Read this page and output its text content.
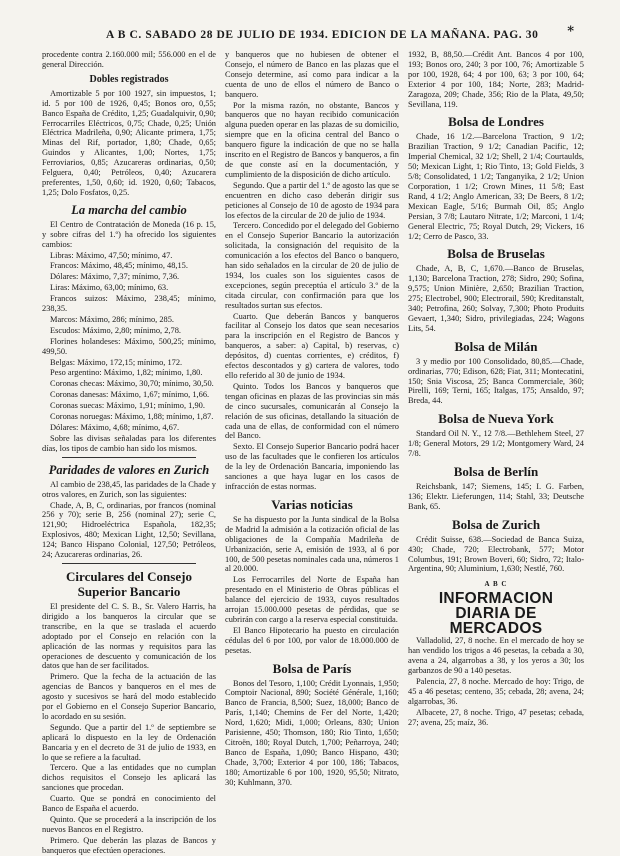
A B C. SABADO 28 DE JULIO DE 1934. EDICION DE LA MAÑANA. PAG. 30 *
procedente contra 2.160.000 mil; 556.000 en el de general Dirección.
Dobles registrados
Amortizable 5 por 100 1927, sin impuestos, 1; id. 5 por 100 de 1926, 0,45; Bonos oro, 0,55; Banco España de Crédito, 1,25; Guadalquivir, 0,90; Ferrocarriles Eléctricos, 0,75; Chade, 0,25; Unión Eléctrica Madrileña, 0,90; Alicante primera, 1,75; Minas del Rif, portador, 1,80; Chade, 0,65; Guindos y Alicantes, 1,00; Nortes, 1,75; Ferroviarios, 0,85; Azucareras ordinarias, 0,50; Felguera, 0,40; Petróleos, 0,40; Azucarera preferentes, 1,50, 0,60; id. 1920, 0,60; Tabacos, 1,25; Dolo Fosfatos, 0,25.
La marcha del cambio
El Centro de Contratación de Moneda (16 p. 15, y sobre cifras del 1.º) ha ofrecido los siguientes cambios:
Libras: Máximo, 47,50; mínimo, 47.
Francos: Máximo, 48,45; mínimo, 48,15.
Dólares: Máximo, 7,37; mínimo, 7,36.
Liras: Máximo, 63,00; mínimo, 63.
Francos suizos: Máximo, 238,45; mínimo, 238,35.
Marcos: Máximo, 286; mínimo, 285.
Escudos: Máximo, 2,80; mínimo, 2,78.
Florines holandeses: Máximo, 500,25; mínimo, 499,50.
Belgas: Máximo, 172,15; mínimo, 172.
Peso argentino: Máximo, 1,82; mínimo, 1,80.
Coronas checas: Máximo, 30,70; mínimo, 30,50.
Coronas danesas: Máximo, 1,67; mínimo, 1,66.
Coronas suecas: Máximo, 1,91; mínimo, 1,90.
Coronas noruegas: Máximo, 1,88; mínimo, 1,87.
Dólares: Máximo, 4,68; mínimo, 4,67.
Sobre las divisas señaladas para los diferentes días, los tipos de cambio han sido los mismos.
Paridades de valores en Zurich
Al cambio de 238,45, las paridades de la Chade y otros valores, en Zurich, son las siguientes:
Chade, A, B, C, ordinarias, por francos (nominal 256 y 70); serie B, 256 (nominal 27); serie C, 121,90; Hidroeléctrica Española, 182,35; Explosivos, 480; Mexican Light, 12,50; Sevillana, 124; Banco Hispano Colonial, 127,50; Petróleos, 24; Azucareras ordinarias, 26.
Circulares del Consejo Superior Bancario
El presidente del C. S. B., Sr. Valero Harris, ha dirigido a los banqueros la circular que se transcribe, en la que se traslada el acuerdo adoptado por el Consejo en relación con la aplicación de las normas y requisitos para las operaciones de descuento y comunicación de los datos que han de ser facilitados.
Primero. Que la fecha de la actuación de las agencias de Bancos y banqueros en el mes de agosto y sucesivos se hará del modo establecido por el Gobierno en el Consejo Superior Bancario, lo acordado en su sesión.
Segundo. Que a partir del 1.º de septiembre se aplicará lo dispuesto en la ley de Ordenación Bancaria y en el decreto de 31 de julio de 1933, en lo que se refiere a la facultad.
Tercero. Que a las entidades que no cumplan dichos requisitos el Consejo les aplicará las sanciones que procedan.
Cuarto. Que se pondrá en conocimiento del Banco de España el acuerdo.
Quinto. Que se procederá a la inscripción de los nuevos Bancos en el Registro.
Primero. Que deberán las plazas de Bancos y banqueros que efectúen operaciones.
y banqueros que no hubiesen de obtener el Consejo, el número de Banco en las plazas que el Consejo determine, así como para indicar a la cuenta de uno de ellos el número de Banco o banquero.
Por la misma razón, no obstante, Bancos y banqueros que no hayan recibido comunicación alguna pueden operar en las plazas de su domicilio, siempre que en la oficina central del Banco o banquero figure la indicación de que no se halla inscrito en el Registro de Bancos y banqueros, a fin de que conste así en la documentación, y cumplimiento de la disposición de dicho artículo.
Segundo. Que a partir del 1.º de agosto las que se encuentren en dicho caso deberán dirigir sus peticiones al Consejo de 10 de agosto de 1934 para los efectos de la circular de 20 de julio de 1934.
Tercero. Concedido por el delegado del Gobierno en el Consejo Superior Bancario la autorización solicitada, la consignación del requisito de la comunicación a los efectos del Banco o banquero, han sido señalados en la circular de 20 de julio de 1934, los cuales son los siguientes casos de excepciones, según preceptúa el artículo 3.º de la citada circular, con confirmación para que los resultados surtan sus efectos.
Cuarto. Que deberán Bancos y banqueros facilitar al Consejo los datos que sean necesarios para la inscripción en el Registro de Bancos y banqueros, a saber: a) Capital, b) reservas, c) depósitos, d) cuentas corrientes, e) créditos, f) efectos descontados y g) cartera de valores, todo ello referido al 30 de junio de 1934.
Quinto. Todos los Bancos y banqueros que tengan oficinas en plazas de las provincias sin más de cinco sucursales, comunicarán al Consejo la relación de sus oficinas, detallando la situación de cada una de ellas, de conformidad con el número del Banco.
Sexto. El Consejo Superior Bancario podrá hacer uso de las facultades que le confieren los artículos de la ley de Ordenación Bancaria, imponiendo las sanciones a que haya lugar en los casos de infracción de estas normas.
Varias noticias
Se ha dispuesto por la Junta sindical de la Bolsa de Madrid la admisión a la cotización oficial de las obligaciones de la Compañía Madrileña de Urbanización, serie A, emisión de 1933, al 6 por 100, de 500 pesetas nominales cada una, números 1 al 20.000.
Los Ferrocarriles del Norte de España han presentado en el Ministerio de Obras públicas el balance del ejercicio de 1933, cuyos resultados arrojan 15.000.000 pesetas de pérdidas, que se cubrirán con cargo a la reserva especial constituida.
El Banco Hipotecario ha puesto en circulación cédulas del 6 por 100, por valor de 18.000.000 de pesetas.
Bolsa de París
Bonos del Tesoro, 1,100; Crédit Lyonnais, 1,950; Comptoir Nacional, 890; Société Générale, 1,160; Banco de Francia, 8,500; Suez, 18,000; Banco de París, 1,140; Chemins de Fer del Norte, 1,420; Nord, 1,620; Midi, 1,000; Orleans, 830; Union Parisienne, 450; Thomson, 180; Rio Tinto, 1,650; Citroën, 180; Royal Dutch, 1,700; Peñarroya, 240; Banco de España, 1,090; Banco Hispano, 430; Chade, 3,700; Exterior 4 por 100, 186; Tabacos, 180; Amortizable 6 por 100, 1920, 95,50; Nitrato, 30; Kuhlmann, 370.
1932, B, 88,50.—Crédit Ant. Bancos 4 por 100, 193; Bonos oro, 240; 3 por 100, 76; Amortizable 5 por 100, 1928, 64; 4 por 100, 63; 3 por 100, 64; Exterior 4 por 100, 184; Norte, 283; Madrid-Zaragoza, 209; Chade, 356; Rio de la Plata, 49,50; Sevillana, 119.
Bolsa de Londres
Chade, 16 1/2.—Barcelona Traction, 9 1/2; Brazilian Traction, 9 1/2; Canadian Pacific, 12; Imperial Chemical, 32 1/2; Shell, 2 1/4; Courtaulds, 50; Mexican Light, 1; Rio Tinto, 13; Gold Fields, 3 5/8; Consolidated, 1 1/2; Tanganyika, 2 1/2; Union Corporation, 1 1/2; Crown Mines, 11 5/8; East Rand, 4 1/2; Anglo American, 33; De Beers, 8 1/2; Mexican Eagle, 5/16; Burmah Oil, 85; Anglo Persian, 3 7/8; Lautaro Nitrate, 1/2; Marconi, 1 1/4; General Electric, 75; Royal Dutch, 29; Vickers, 16 1/2; Cerro de Pasco, 33.
Bolsa de Bruselas
Chade, A, B, C, 1,670.—Banco de Bruselas, 1,130; Barcelona Traction, 278; Sidro, 290; Sofina, 9,575; Union Minière, 2,650; Brazilian Traction, 275; Electrobel, 900; Electrorail, 590; Kreditanstalt, 340; Petrofina, 260; Solvay, 7,300; Photo Produits Gevaert, 1,340; Sidro, privilegiadas, 224; Wagons Lits, 54.
Bolsa de Milán
3 y medio por 100 Consolidado, 80,85.—Chade, ordinarias, 770; Edison, 628; Fiat, 311; Montecatini, 150; Snia Viscosa, 25; Banca Commerciale, 360; Pirelli, 169; Terni, 165; Italgas, 175; Ansaldo, 97; Breda, 44.
Bolsa de Nueva York
Standard Oil N. Y., 12 7/8.—Bethlehem Steel, 27 1/8; General Motors, 29 1/2; Montgomery Ward, 24 7/8.
Bolsa de Berlín
Reichsbank, 147; Siemens, 145; I. G. Farben, 136; Elektr. Lieferungen, 114; Stahl, 33; Deutsche Bank, 65.
Bolsa de Zurich
Crédit Suisse, 638.—Sociedad de Banca Suiza, 430; Chade, 720; Electrobank, 577; Motor Columbus, 191; Brown Boveri, 60; Sidro, 72; Italo-Argentina, 90; Aluminium, 1,630; Nestlé, 760.
A B C
INFORMACION
DIARIA DE MERCADOS
Valladolid, 27, 8 noche. En el mercado de hoy se han vendido los trigos a 46 pesetas, la cebada a 30, avena a 24, algarrobas a 38, y los yeros a 30; los garbanzos de 90 a 140 pesetas.
Palencia, 27, 8 noche. Mercado de hoy: Trigo, de 45 a 46 pesetas; centeno, 35; cebada, 28; avena, 24; algarrobas, 36.
Albacete, 27, 8 noche. Trigo, 47 pesetas; cebada, 27; avena, 25; maíz, 36.
